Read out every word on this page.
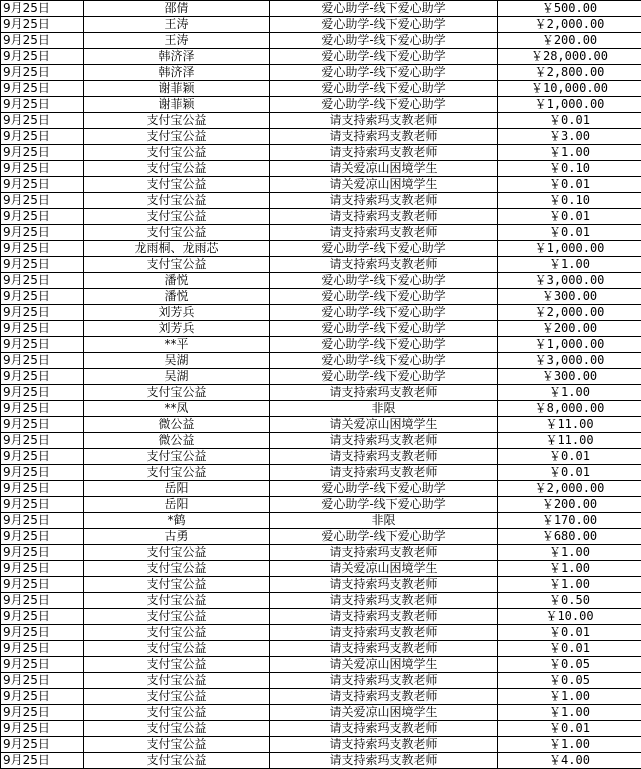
9月25日	邵倩	爱心助学-线下爱心助学	￥500.00
9月25日	王涛	爱心助学-线下爱心助学	￥2,000.00
9月25日	王涛	爱心助学-线下爱心助学	￥200.00
9月25日	韩济泽	爱心助学-线下爱心助学	￥28,000.00
9月25日	韩济泽	爱心助学-线下爱心助学	￥2,800.00
9月25日	谢菲颖	爱心助学-线下爱心助学	￥10,000.00
9月25日	谢菲颖	爱心助学-线下爱心助学	￥1,000.00
9月25日	支付宝公益	请支持索玛支教老师	￥0.01
9月25日	支付宝公益	请支持索玛支教老师	￥3.00
9月25日	支付宝公益	请支持索玛支教老师	￥1.00
9月25日	支付宝公益	请关爱凉山困境学生	￥0.10
9月25日	支付宝公益	请关爱凉山困境学生	￥0.01
9月25日	支付宝公益	请支持索玛支教老师	￥0.10
9月25日	支付宝公益	请支持索玛支教老师	￥0.01
9月25日	支付宝公益	请支持索玛支教老师	￥0.01
9月25日	龙雨桐、龙雨芯	爱心助学-线下爱心助学	￥1,000.00
9月25日	支付宝公益	请支持索玛支教老师	￥1.00
9月25日	潘悦	爱心助学-线下爱心助学	￥3,000.00
9月25日	潘悦	爱心助学-线下爱心助学	￥300.00
9月25日	刘芳兵	爱心助学-线下爱心助学	￥2,000.00
9月25日	刘芳兵	爱心助学-线下爱心助学	￥200.00
9月25日	**平	爱心助学-线下爱心助学	￥1,000.00
9月25日	吴湖	爱心助学-线下爱心助学	￥3,000.00
9月25日	吴湖	爱心助学-线下爱心助学	￥300.00
9月25日	支付宝公益	请支持索玛支教老师	￥1.00
9月25日	**凤	非限	￥8,000.00
9月25日	微公益	请关爱凉山困境学生	￥11.00
9月25日	微公益	请支持索玛支教老师	￥11.00
9月25日	支付宝公益	请支持索玛支教老师	￥0.01
9月25日	支付宝公益	请支持索玛支教老师	￥0.01
9月25日	岳阳	爱心助学-线下爱心助学	￥2,000.00
9月25日	岳阳	爱心助学-线下爱心助学	￥200.00
9月25日	*鹤	非限	￥170.00
9月25日	古勇	爱心助学-线下爱心助学	￥680.00
9月25日	支付宝公益	请支持索玛支教老师	￥1.00
9月25日	支付宝公益	请关爱凉山困境学生	￥1.00
9月25日	支付宝公益	请支持索玛支教老师	￥1.00
9月25日	支付宝公益	请支持索玛支教老师	￥0.50
9月25日	支付宝公益	请支持索玛支教老师	￥10.00
9月25日	支付宝公益	请支持索玛支教老师	￥0.01
9月25日	支付宝公益	请支持索玛支教老师	￥0.01
9月25日	支付宝公益	请关爱凉山困境学生	￥0.05
9月25日	支付宝公益	请支持索玛支教老师	￥0.05
9月25日	支付宝公益	请支持索玛支教老师	￥1.00
9月25日	支付宝公益	请关爱凉山困境学生	￥1.00
9月25日	支付宝公益	请支持索玛支教老师	￥0.01
9月25日	支付宝公益	请支持索玛支教老师	￥1.00
9月25日	支付宝公益	请支持索玛支教老师	￥4.00
